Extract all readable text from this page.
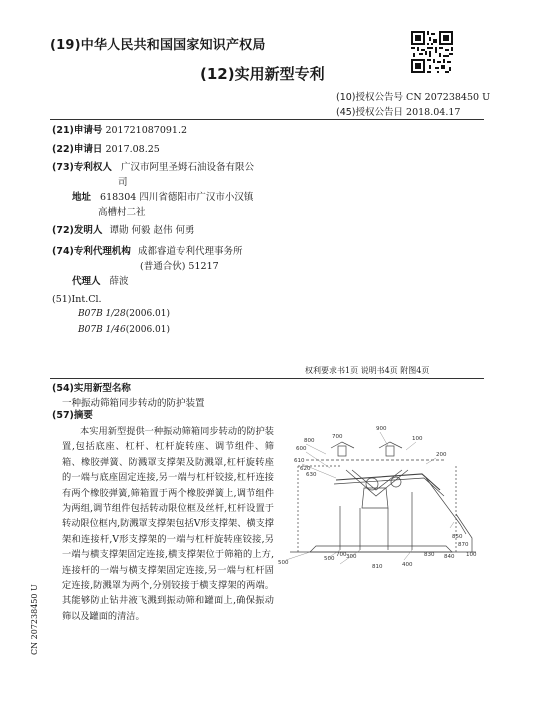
(19)中华人民共和国国家知识产权局
(12)实用新型专利
(10)授权公告号 CN 207238450 U
(45)授权公告日 2018.04.17
(21)申请号 201721087091.2
(22)申请日 2017.08.25
(73)专利权人 广汉市阿里圣姆石油设备有限公
司
地址 618304 四川省德阳市广汉市小汉镇
高槽村二社
(72)发明人 谭勋 何毅 赵伟 何勇
(74)专利代理机构 成都睿道专利代理事务所
(普通合伙) 51217
代理人 薛波
(51)Int.Cl.
B07B 1/28(2006.01)
B07B 1/46(2006.01)
权利要求书1页 说明书4页 附图4页
(54)实用新型名称
一种振动筛箱同步转动的防护装置
(57)摘要
本实用新型提供一种振动筛箱同步转动的防护装置,包括底座、杠杆、杠杆旋转座、调节组件、筛箱、橡胶弹簧、防溅罩支撑架及防溅罩,杠杆旋转座的一端与底座固定连接,另一端与杠杆铰接,杠杆连接有两个橡胶弹簧,筛箱置于两个橡胶弹簧上,调节组件为两组,调节组件包括转动限位框及丝杆,杠杆设置于转动限位框内,防溅罩支撑架包括V形支撑架、横支撑架和连接杆,V形支撑架的一端与杠杆旋转座铰接,另一端与横支撑架固定连接,横支撑架位于筛箱的上方,连接杆的一端与横支撑架固定连接,另一端与杠杆固定连接,防溅罩为两个,分别铰接于横支撑架的两端。其能够防止钻井液飞溅到振动筛和罐面上,确保振动筛以及罐面的清洁。
800
600
610
620
630
700
900
100
200
300
400
500
500
700
810
830 840
850
870
100
CN 207238450 U
